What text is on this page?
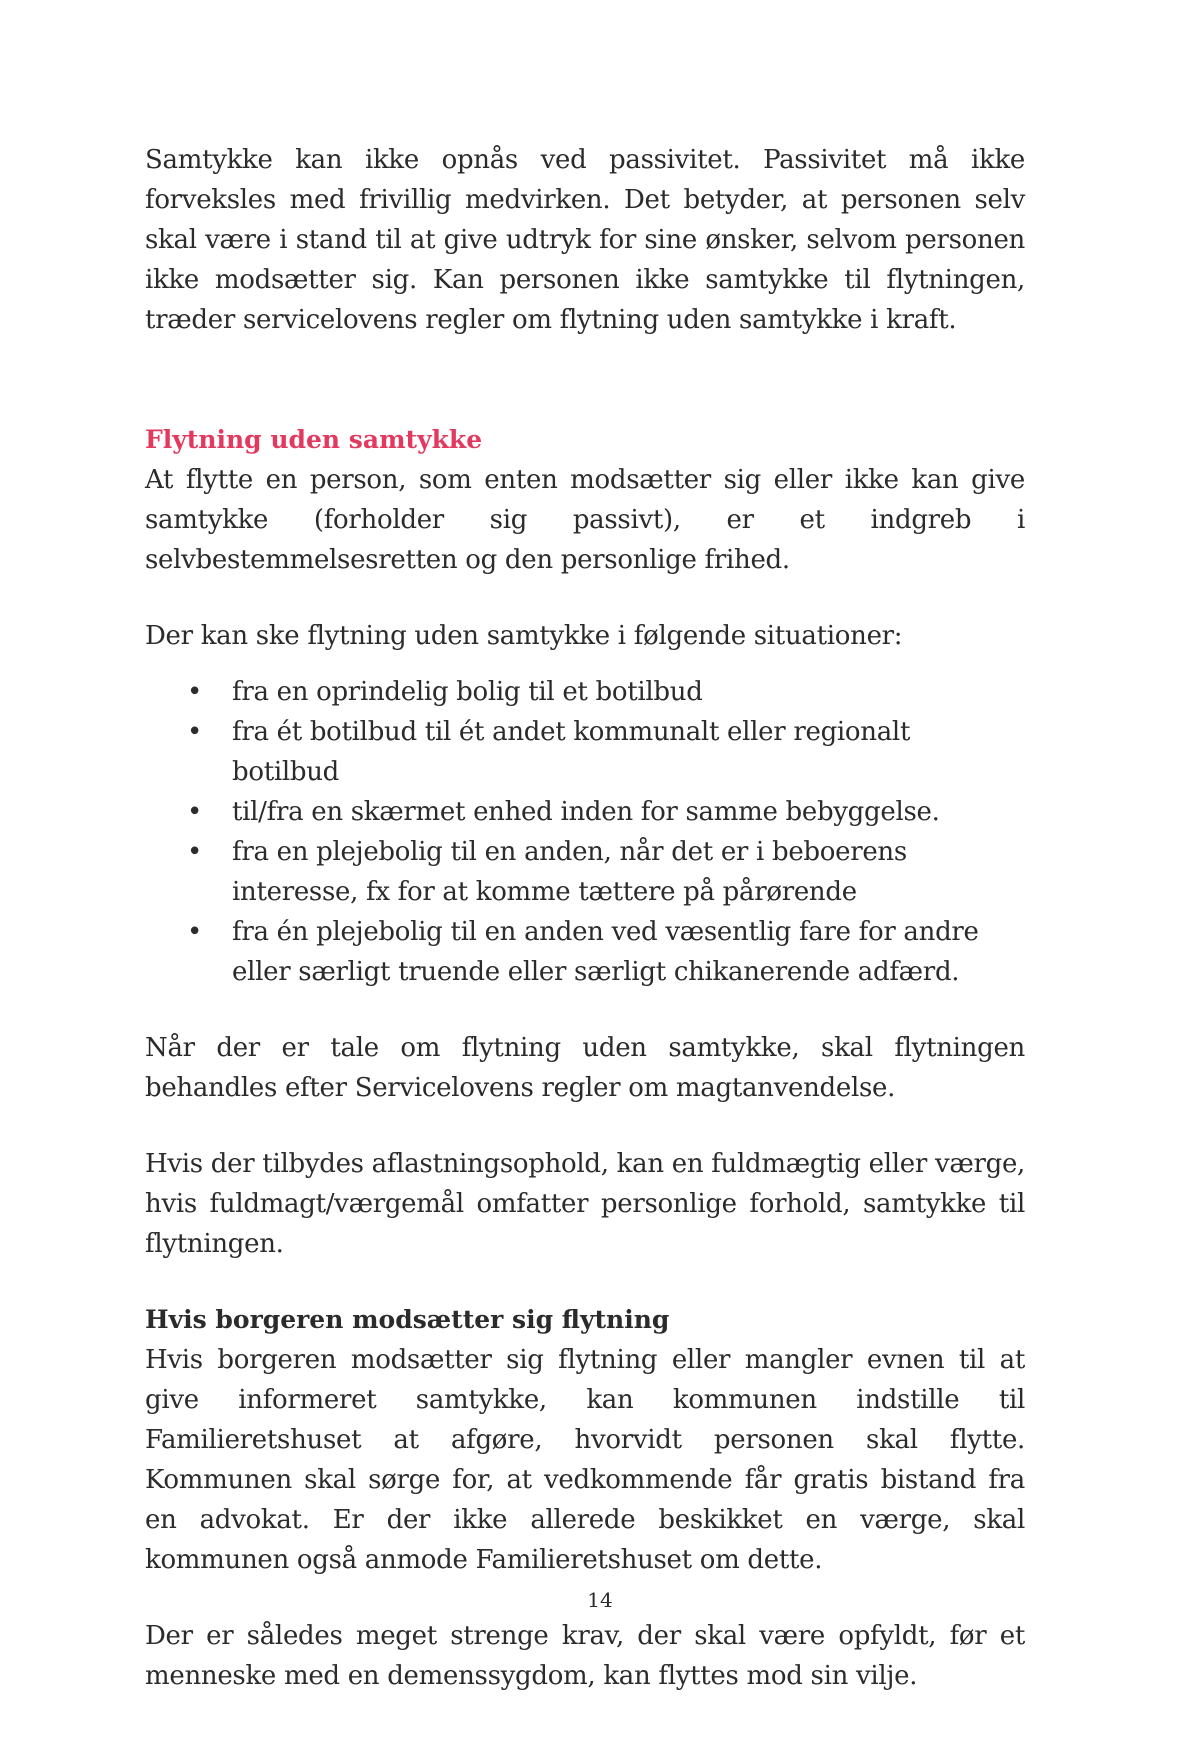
Samtykke kan ikke opnås ved passivitet. Passivitet må ikke forveksles med frivillig medvirken. Det betyder, at personen selv skal være i stand til at give udtryk for sine ønsker, selvom personen ikke modsætter sig. Kan personen ikke samtykke til flytningen, træder servicelovens regler om flytning uden samtykke i kraft.

Flytning uden samtykke

At flytte en person, som enten modsætter sig eller ikke kan give samtykke (forholder sig passivt), er et indgreb i selvbestemmelsesretten og den personlige frihed.

Der kan ske flytning uden samtykke i følgende situationer:

• fra en oprindelig bolig til et botilbud
• fra ét botilbud til ét andet kommunalt eller regionalt botilbud
• til/fra en skærmet enhed inden for samme bebyggelse.
• fra en plejebolig til en anden, når det er i beboerens interesse, fx for at komme tættere på pårørende
• fra én plejebolig til en anden ved væsentlig fare for andre eller særligt truende eller særligt chikanerende adfærd.

Når der er tale om flytning uden samtykke, skal flytningen behandles efter Servicelovens regler om magtanvendelse.

Hvis der tilbydes aflastningsophold, kan en fuldmægtig eller værge, hvis fuldmagt/værgemål omfatter personlige forhold, samtykke til flytningen.

Hvis borgeren modsætter sig flytning

Hvis borgeren modsætter sig flytning eller mangler evnen til at give informeret samtykke, kan kommunen indstille til Familieretshuset at afgøre, hvorvidt personen skal flytte. Kommunen skal sørge for, at vedkommende får gratis bistand fra en advokat. Er der ikke allerede beskikket en værge, skal kommunen også anmode Familieretshuset om dette.

Der er således meget strenge krav, der skal være opfyldt, før et menneske med en demenssygdom, kan flyttes mod sin vilje.

14
